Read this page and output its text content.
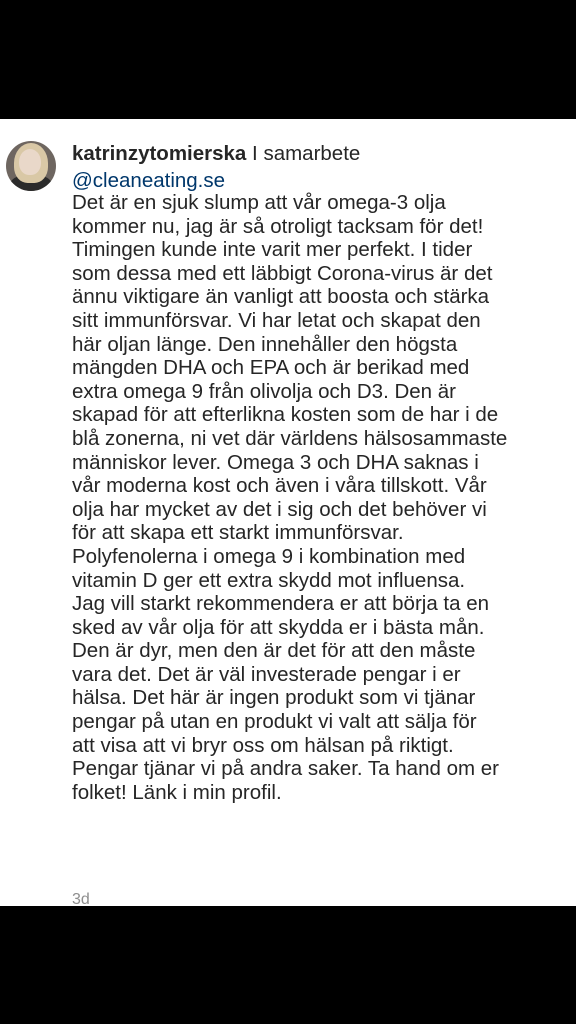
katrinzytomierska I samarbete
@cleaneating.se

Det är en sjuk slump att vår omega-3 olja
kommer nu, jag är så otroligt tacksam för det!
Timingen kunde inte varit mer perfekt. I tider
som dessa med ett läbbigt Corona-virus är det
ännu viktigare än vanligt att boosta och stärka
sitt immunförsvar. Vi har letat och skapat den
här oljan länge. Den innehåller den högsta
mängden DHA och EPA och är berikad med
extra omega 9 från olivolja och D3. Den är
skapad för att efterlikna kosten som de har i de
blå zonerna, ni vet där världens hälsosammaste
människor lever. Omega 3 och DHA saknas i
vår moderna kost och även i våra tillskott. Vår
olja har mycket av det i sig och det behöver vi
för att skapa ett starkt immunförsvar.
Polyfenolerna i omega 9 i kombination med
vitamin D ger ett extra skydd mot influensa.
Jag vill starkt rekommendera er att börja ta en
sked av vår olja för att skydda er i bästa mån.
Den är dyr, men den är det för att den måste
vara det. Det är väl investerade pengar i er
hälsa. Det här är ingen produkt som vi tjänar
pengar på utan en produkt vi valt att sälja för
att visa att vi bryr oss om hälsan på riktigt.
Pengar tjänar vi på andra saker. Ta hand om er
folket! Länk i min profil.

3d
